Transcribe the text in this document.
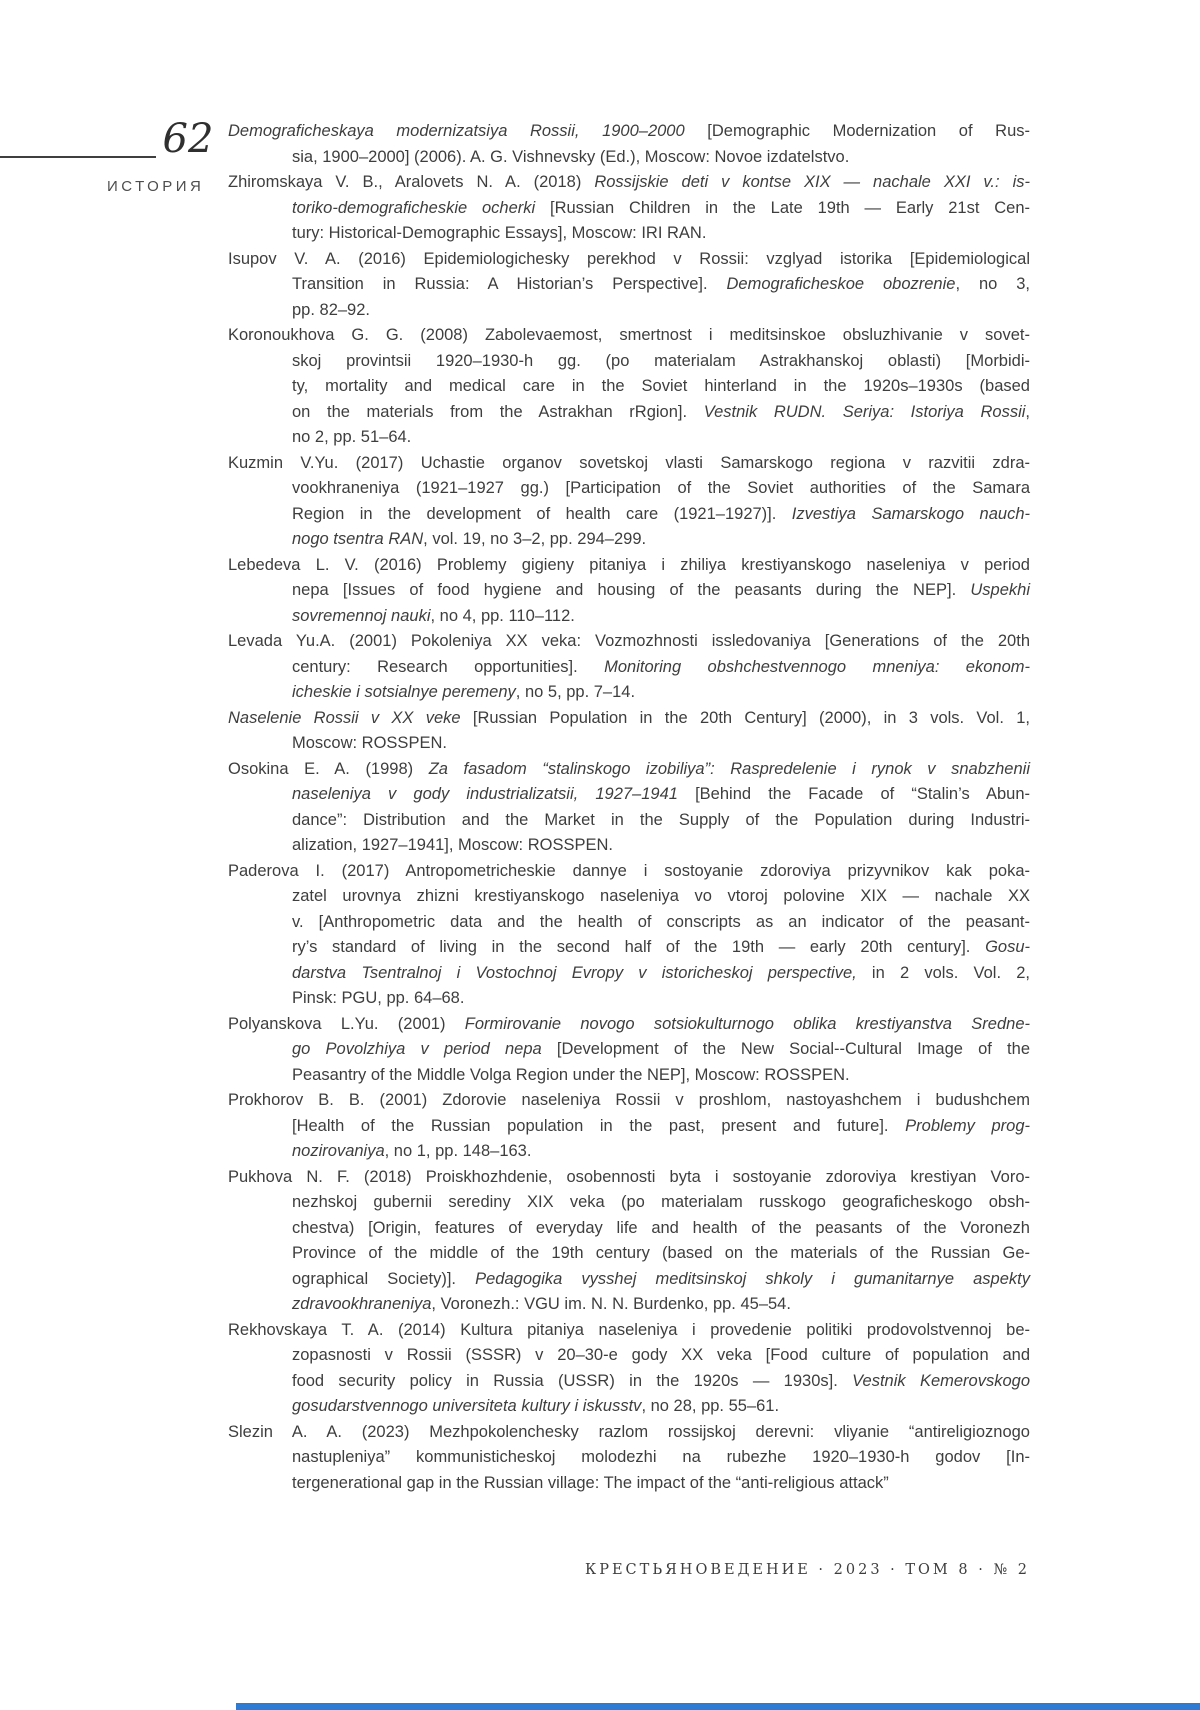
62
ИСТОРИЯ
Demograficheskaya modernizatsiya Rossii, 1900–2000 [Demographic Modernization of Rus-
sia, 1900–2000] (2006). A. G. Vishnevsky (Ed.), Moscow: Novoe izdatelstvo.
Zhiromskaya V. B., Aralovets N. A. (2018) Rossijskie deti v kontse XIX — nachale XXI v.: is-
toriko-demograficheskie ocherki [Russian Children in the Late 19th — Early 21st Cen-
tury: Historical-Demographic Essays], Moscow: IRI RAN.
Isupov V. A. (2016) Epidemiologichesky perekhod v Rossii: vzglyad istorika [Epidemiological
Transition in Russia: A Historian’s Perspective]. Demograficheskoe obozrenie, no 3,
pp. 82–92.
Koronoukhova G. G. (2008) Zabolevaemost, smertnost i meditsinskoe obsluzhivanie v sovet-
skoj provintsii 1920–1930-h gg. (po materialam Astrakhanskoj oblasti) [Morbidi-
ty, mortality and medical care in the Soviet hinterland in the 1920s–1930s (based
on the materials from the Astrakhan rRgion]. Vestnik RUDN. Seriya: Istoriya Rossii,
no 2, pp. 51–64.
Kuzmin V.Yu. (2017) Uchastie organov sovetskoj vlasti Samarskogo regiona v razvitii zdra-
vookhraneniya (1921–1927 gg.) [Participation of the Soviet authorities of the Samara
Region in the development of health care (1921–1927)]. Izvestiya Samarskogo nauch-
nogo tsentra RAN, vol. 19, no 3–2, pp. 294–299.
Lebedeva L. V. (2016) Problemy gigieny pitaniya i zhiliya krestiyanskogo naseleniya v period
nepa [Issues of food hygiene and housing of the peasants during the NEP]. Uspekhi
sovremennoj nauki, no 4, pp. 110–112.
Levada Yu.A. (2001) Pokoleniya XX veka: Vozmozhnosti issledovaniya [Generations of the 20th
century: Research opportunities]. Monitoring obshchestvennogo mneniya: ekonom-
icheskie i sotsialnye peremeny, no 5, pp. 7–14.
Naselenie Rossii v XX veke [Russian Population in the 20th Century] (2000), in 3 vols. Vol. 1,
Moscow: ROSSPEN.
Osokina E. A. (1998) Za fasadom “stalinskogo izobiliya”: Raspredelenie i rynok v snabzhenii
naseleniya v gody industrializatsii, 1927–1941 [Behind the Facade of “Stalin’s Abun-
dance”: Distribution and the Market in the Supply of the Population during Industri-
alization, 1927–1941], Moscow: ROSSPEN.
Paderova I. (2017) Antropometricheskie dannye i sostoyanie zdoroviya prizyvnikov kak poka-
zatel urovnya zhizni krestiyanskogo naseleniya vo vtoroj polovine XIX — nachale XX
v. [Anthropometric data and the health of conscripts as an indicator of the peasant-
ry’s standard of living in the second half of the 19th — early 20th century]. Gosu-
darstva Tsentralnoj i Vostochnoj Evropy v istoricheskoj perspective, in 2 vols. Vol. 2,
Pinsk: PGU, pp. 64–68.
Polyanskova L.Yu. (2001) Formirovanie novogo sotsiokulturnogo oblika krestiyanstva Sredne-
go Povolzhiya v period nepa [Development of the New Social--Cultural Image of the
Peasantry of the Middle Volga Region under the NEP], Moscow: ROSSPEN.
Prokhorov B. B. (2001) Zdorovie naseleniya Rossii v proshlom, nastoyashchem i budushchem
[Health of the Russian population in the past, present and future]. Problemy prog-
nozirovaniya, no 1, pp. 148–163.
Pukhova N. F. (2018) Proiskhozhdenie, osobennosti byta i sostoyanie zdoroviya krestiyan Voro-
nezhskoj gubernii serediny XIX veka (po materialam russkogo geograficheskogo obsh-
chestva) [Origin, features of everyday life and health of the peasants of the Voronezh
Province of the middle of the 19th century (based on the materials of the Russian Ge-
ographical Society)]. Pedagogika vysshej meditsinskoj shkoly i gumanitarnye aspekty
zdravookhraneniya, Voronezh.: VGU im. N. N. Burdenko, pp. 45–54.
Rekhovskaya T. A. (2014) Kultura pitaniya naseleniya i provedenie politiki prodovolstvennoj be-
zopasnosti v Rossii (SSSR) v 20–30-e gody XX veka [Food culture of population and
food security policy in Russia (USSR) in the 1920s — 1930s]. Vestnik Kemerovskogo
gosudarstvennogo universiteta kultury i iskusstv, no 28, pp. 55–61.
Slezin A. A. (2023) Mezhpokolenchesky razlom rossijskoj derevni: vliyanie “antireligioznogo
nastupleniya” kommunisticheskoj molodezhi na rubezhe 1920–1930-h godov [In-
tergenerational gap in the Russian village: The impact of the “anti-religious attack”
КРЕСТЬЯНОВЕДЕНИЕ · 2023 · ТОМ 8 · № 2
